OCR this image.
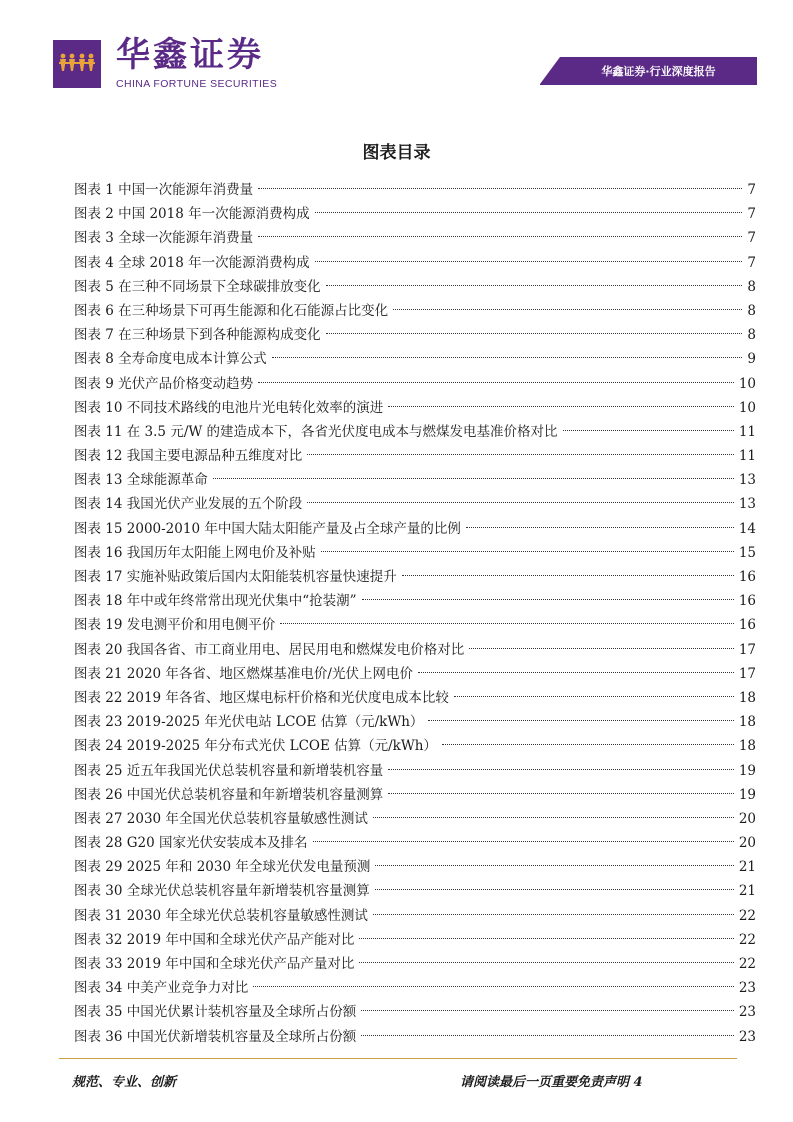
华鑫证券
CHINA FORTUNE SECURITIES
华鑫证券·行业深度报告
图表目录
图表 1 中国一次能源年消费量	7
图表 2 中国 2018 年一次能源消费构成	7
图表 3 全球一次能源年消费量	7
图表 4 全球 2018 年一次能源消费构成	7
图表 5 在三种不同场景下全球碳排放变化	8
图表 6 在三种场景下可再生能源和化石能源占比变化	8
图表 7 在三种场景下到各种能源构成变化	8
图表 8 全寿命度电成本计算公式	9
图表 9 光伏产品价格变动趋势	10
图表 10 不同技术路线的电池片光电转化效率的演进	10
图表 11 在 3.5 元/W 的建造成本下，各省光伏度电成本与燃煤发电基准价格对比	11
图表 12 我国主要电源品种五维度对比	11
图表 13 全球能源革命	13
图表 14 我国光伏产业发展的五个阶段	13
图表 15 2000-2010 年中国大陆太阳能产量及占全球产量的比例	14
图表 16 我国历年太阳能上网电价及补贴	15
图表 17 实施补贴政策后国内太阳能装机容量快速提升	16
图表 18 年中或年终常常出现光伏集中“抢装潮”	16
图表 19 发电测平价和用电侧平价	16
图表 20 我国各省、市工商业用电、居民用电和燃煤发电价格对比	17
图表 21 2020 年各省、地区燃煤基准电价/光伏上网电价	17
图表 22 2019 年各省、地区煤电标杆价格和光伏度电成本比较	18
图表 23 2019-2025 年光伏电站 LCOE 估算（元/kWh）	18
图表 24 2019-2025 年分布式光伏 LCOE 估算（元/kWh）	18
图表 25 近五年我国光伏总装机容量和新增装机容量	19
图表 26 中国光伏总装机容量和年新增装机容量测算	19
图表 27 2030 年全国光伏总装机容量敏感性测试	20
图表 28 G20 国家光伏安装成本及排名	20
图表 29 2025 年和 2030 年全球光伏发电量预测	21
图表 30 全球光伏总装机容量年新增装机容量测算	21
图表 31 2030 年全球光伏总装机容量敏感性测试	22
图表 32 2019 年中国和全球光伏产品产能对比	22
图表 33 2019 年中国和全球光伏产品产量对比	22
图表 34 中美产业竞争力对比	23
图表 35 中国光伏累计装机容量及全球所占份额	23
图表 36 中国光伏新增装机容量及全球所占份额	23
规范、专业、创新	请阅读最后一页重要免责声明 4
